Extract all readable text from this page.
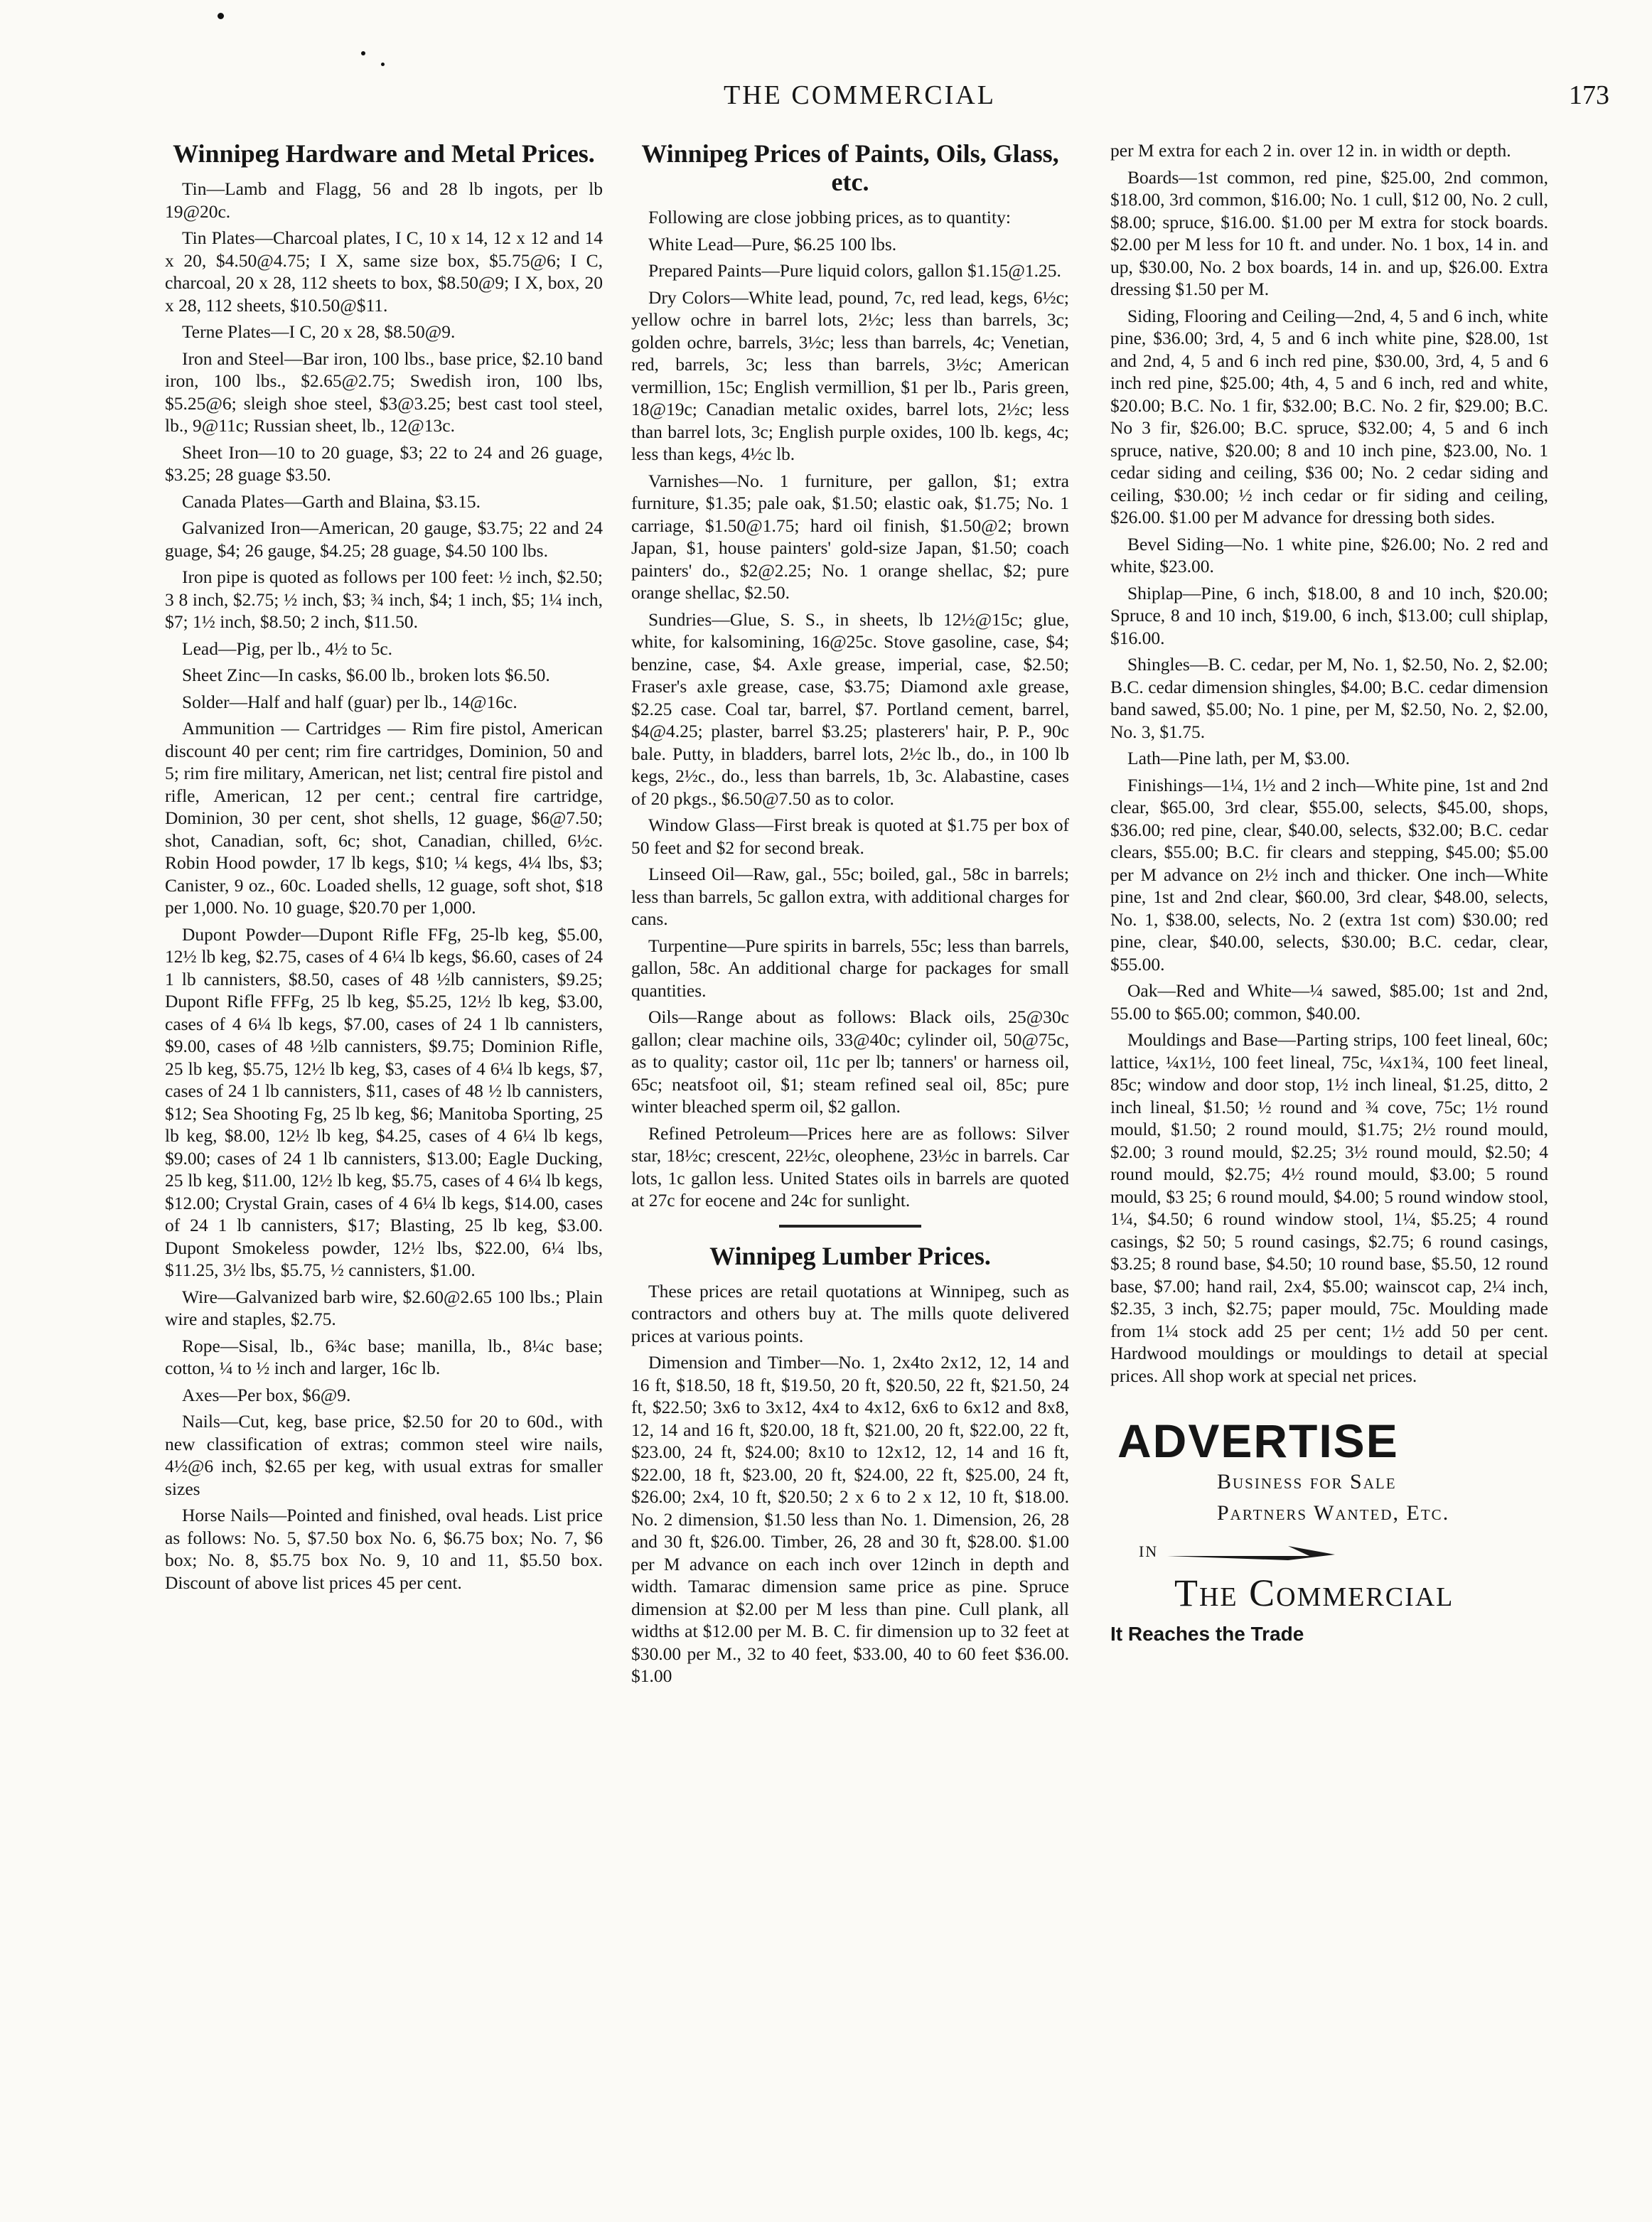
THE COMMERCIAL	173
Winnipeg Hardware and Metal Prices.
Tin—Lamb and Flagg, 56 and 28 lb ingots, per lb 19@20c.
Tin Plates—Charcoal plates, I C, 10 x 14, 12 x 12 and 14 x 20, $4.50@4.75; I X, same size box, $5.75@6; I C, charcoal, 20 x 28, 112 sheets to box, $8.50@9; I X, box, 20 x 28, 112 sheets, $10.50@$11.
Terne Plates—I C, 20 x 28, $8.50@9.
Iron and Steel—Bar iron, 100 lbs., base price, $2.10 band iron, 100 lbs., $2.65@2.75; Swedish iron, 100 lbs, $5.25@6; sleigh shoe steel, $3@3.25; best cast tool steel, lb., 9@11c; Russian sheet, lb., 12@13c.
Sheet Iron—10 to 20 guage, $3; 22 to 24 and 26 guage, $3.25; 28 guage $3.50.
Canada Plates—Garth and Blaina, $3.15.
Galvanized Iron—American, 20 gauge, $3.75; 22 and 24 guage, $4; 26 gauge, $4.25; 28 guage, $4.50 100 lbs.
Iron pipe is quoted as follows per 100 feet: ½ inch, $2.50; 3 8 inch, $2.75; ½ inch, $3; ¾ inch, $4; 1 inch, $5; 1¼ inch, $7; 1½ inch, $8.50; 2 inch, $11.50.
Lead—Pig, per lb., 4½ to 5c.
Sheet Zinc—In casks, $6.00 lb., broken lots $6.50.
Solder—Half and half (guar) per lb., 14@16c.
Ammunition — Cartridges — Rim fire pistol, American discount 40 per cent; rim fire cartridges, Dominion, 50 and 5; rim fire military, American, net list; central fire pistol and rifle, American, 12 per cent.; central fire cartridge, Dominion, 30 per cent, shot shells, 12 guage, $6@7.50; shot, Canadian, soft, 6c; shot, Canadian, chilled, 6½c. Robin Hood powder, 17 lb kegs, $10; ¼ kegs, 4¼ lbs, $3; Canister, 9 oz., 60c. Loaded shells, 12 guage, soft shot, $18 per 1,000. No. 10 guage, $20.70 per 1,000.
Dupont Powder—Dupont Rifle FFg, 25-lb keg, $5.00, 12½ lb keg, $2.75, cases of 4 6¼ lb kegs, $6.60, cases of 24 1 lb cannisters, $8.50, cases of 48 ½lb cannisters, $9.25; Dupont Rifle FFFg, 25 lb keg, $5.25, 12½ lb keg, $3.00, cases of 4 6¼ lb kegs, $7.00, cases of 24 1 lb cannisters, $9.00, cases of 48 ½lb cannisters, $9.75; Dominion Rifle, 25 lb keg, $5.75, 12½ lb keg, $3, cases of 4 6¼ lb kegs, $7, cases of 24 1 lb cannisters, $11, cases of 48 ½ lb cannisters, $12; Sea Shooting Fg, 25 lb keg, $6; Manitoba Sporting, 25 lb keg, $8.00, 12½ lb keg, $4.25, cases of 4 6¼ lb kegs, $9.00; cases of 24 1 lb cannisters, $13.00; Eagle Ducking, 25 lb keg, $11.00, 12½ lb keg, $5.75, cases of 4 6¼ lb kegs, $12.00; Crystal Grain, cases of 4 6¼ lb kegs, $14.00, cases of 24 1 lb cannisters, $17; Blasting, 25 lb keg, $3.00. Dupont Smokeless powder, 12½ lbs, $22.00, 6¼ lbs, $11.25, 3½ lbs, $5.75, ½ cannisters, $1.00.
Wire—Galvanized barb wire, $2.60@2.65 100 lbs.; Plain wire and staples, $2.75.
Rope—Sisal, lb., 6¾c base; manilla, lb., 8¼c base; cotton, ¼ to ½ inch and larger, 16c lb.
Axes—Per box, $6@9.
Nails—Cut, keg, base price, $2.50 for 20 to 60d., with new classification of extras; common steel wire nails, 4½@6 inch, $2.65 per keg, with usual extras for smaller sizes
Horse Nails—Pointed and finished, oval heads. List price as follows: No. 5, $7.50 box No. 6, $6.75 box; No. 7, $6 box; No. 8, $5.75 box No. 9, 10 and 11, $5.50 box. Discount of above list prices 45 per cent.
Winnipeg Prices of Paints, Oils, Glass, etc.
Following are close jobbing prices, as to quantity:
White Lead—Pure, $6.25 100 lbs.
Prepared Paints—Pure liquid colors, gallon $1.15@1.25.
Dry Colors—White lead, pound, 7c, red lead, kegs, 6½c; yellow ochre in barrel lots, 2½c; less than barrels, 3c; golden ochre, barrels, 3½c; less than barrels, 4c; Venetian, red, barrels, 3c; less than barrels, 3½c; American vermillion, 15c; English vermillion, $1 per lb., Paris green, 18@19c; Canadian metalic oxides, barrel lots, 2½c; less than barrel lots, 3c; English purple oxides, 100 lb. kegs, 4c; less than kegs, 4½c lb.
Varnishes—No. 1 furniture, per gallon, $1; extra furniture, $1.35; pale oak, $1.50; elastic oak, $1.75; No. 1 carriage, $1.50@1.75; hard oil finish, $1.50@2; brown Japan, $1, house painters' gold-size Japan, $1.50; coach painters' do., $2@2.25; No. 1 orange shellac, $2; pure orange shellac, $2.50.
Sundries—Glue, S. S., in sheets, lb 12½@15c; glue, white, for kalsomining, 16@25c. Stove gasoline, case, $4; benzine, case, $4. Axle grease, imperial, case, $2.50; Fraser's axle grease, case, $3.75; Diamond axle grease, $2.25 case. Coal tar, barrel, $7. Portland cement, barrel, $4@4.25; plaster, barrel $3.25; plasterers' hair, P. P., 90c bale. Putty, in bladders, barrel lots, 2½c lb., do., in 100 lb kegs, 2½c., do., less than barrels, 1b, 3c. Alabastine, cases of 20 pkgs., $6.50@7.50 as to color.
Window Glass—First break is quoted at $1.75 per box of 50 feet and $2 for second break.
Linseed Oil—Raw, gal., 55c; boiled, gal., 58c in barrels; less than barrels, 5c gallon extra, with additional charges for cans.
Turpentine—Pure spirits in barrels, 55c; less than barrels, gallon, 58c. An additional charge for packages for small quantities.
Oils—Range about as follows: Black oils, 25@30c gallon; clear machine oils, 33@40c; cylinder oil, 50@75c, as to quality; castor oil, 11c per lb; tanners' or harness oil, 65c; neatsfoot oil, $1; steam refined seal oil, 85c; pure winter bleached sperm oil, $2 gallon.
Refined Petroleum—Prices here are as follows: Silver star, 18½c; crescent, 22½c, oleophene, 23½c in barrels. Car lots, 1c gallon less. United States oils in barrels are quoted at 27c for eocene and 24c for sunlight.
Winnipeg Lumber Prices.
These prices are retail quotations at Winnipeg, such as contractors and others buy at. The mills quote delivered prices at various points.
Dimension and Timber—No. 1, 2x4to 2x12, 12, 14 and 16 ft, $18.50, 18 ft, $19.50, 20 ft, $20.50, 22 ft, $21.50, 24 ft, $22.50; 3x6 to 3x12, 4x4 to 4x12, 6x6 to 6x12 and 8x8, 12, 14 and 16 ft, $20.00, 18 ft, $21.00, 20 ft, $22.00, 22 ft, $23.00, 24 ft, $24.00; 8x10 to 12x12, 12, 14 and 16 ft, $22.00, 18 ft, $23.00, 20 ft, $24.00, 22 ft, $25.00, 24 ft, $26.00; 2x4, 10 ft, $20.50; 2 x 6 to 2 x 12, 10 ft, $18.00. No. 2 dimension, $1.50 less than No. 1. Dimension, 26, 28 and 30 ft, $26.00. Timber, 26, 28 and 30 ft, $28.00. $1.00 per M advance on each inch over 12inch in depth and width. Tamarac dimension same price as pine. Spruce dimension at $2.00 per M less than pine. Cull plank, all widths at $12.00 per M. B. C. fir dimension up to 32 feet at $30.00 per M., 32 to 40 feet, $33.00, 40 to 60 feet $36.00. $1.00
per M extra for each 2 in. over 12 in. in width or depth.
Boards—1st common, red pine, $25.00, 2nd common, $18.00, 3rd common, $16.00; No. 1 cull, $12 00, No. 2 cull, $8.00; spruce, $16.00. $1.00 per M extra for stock boards. $2.00 per M less for 10 ft. and under. No. 1 box, 14 in. and up, $30.00, No. 2 box boards, 14 in. and up, $26.00. Extra dressing $1.50 per M.
Siding, Flooring and Ceiling—2nd, 4, 5 and 6 inch, white pine, $36.00; 3rd, 4, 5 and 6 inch white pine, $28.00, 1st and 2nd, 4, 5 and 6 inch red pine, $30.00, 3rd, 4, 5 and 6 inch red pine, $25.00; 4th, 4, 5 and 6 inch, red and white, $20.00; B.C. No. 1 fir, $32.00; B.C. No. 2 fir, $29.00; B.C. No 3 fir, $26.00; B.C. spruce, $32.00; 4, 5 and 6 inch spruce, native, $20.00; 8 and 10 inch pine, $23.00, No. 1 cedar siding and ceiling, $36 00; No. 2 cedar siding and ceiling, $30.00; ½ inch cedar or fir siding and ceiling, $26.00. $1.00 per M advance for dressing both sides.
Bevel Siding—No. 1 white pine, $26.00; No. 2 red and white, $23.00.
Shiplap—Pine, 6 inch, $18.00, 8 and 10 inch, $20.00; Spruce, 8 and 10 inch, $19.00, 6 inch, $13.00; cull shiplap, $16.00.
Shingles—B. C. cedar, per M, No. 1, $2.50, No. 2, $2.00; B.C. cedar dimension shingles, $4.00; B.C. cedar dimension band sawed, $5.00; No. 1 pine, per M, $2.50, No. 2, $2.00, No. 3, $1.75.
Lath—Pine lath, per M, $3.00.
Finishings—1¼, 1½ and 2 inch—White pine, 1st and 2nd clear, $65.00, 3rd clear, $55.00, selects, $45.00, shops, $36.00; red pine, clear, $40.00, selects, $32.00; B.C. cedar clears, $55.00; B.C. fir clears and stepping, $45.00; $5.00 per M advance on 2½ inch and thicker. One inch—White pine, 1st and 2nd clear, $60.00, 3rd clear, $48.00, selects, No. 1, $38.00, selects, No. 2 (extra 1st com) $30.00; red pine, clear, $40.00, selects, $30.00; B.C. cedar, clear, $55.00.
Oak—Red and White—¼ sawed, $85.00; 1st and 2nd, 55.00 to $65.00; common, $40.00.
Mouldings and Base—Parting strips, 100 feet lineal, 60c; lattice, ¼x1½, 100 feet lineal, 75c, ¼x1¾, 100 feet lineal, 85c; window and door stop, 1½ inch lineal, $1.25, ditto, 2 inch lineal, $1.50; ½ round and ¾ cove, 75c; 1½ round mould, $1.50; 2 round mould, $1.75; 2½ round mould, $2.00; 3 round mould, $2.25; 3½ round mould, $2.50; 4 round mould, $2.75; 4½ round mould, $3.00; 5 round mould, $3 25; 6 round mould, $4.00; 5 round window stool, 1¼, $4.50; 6 round window stool, 1¼, $5.25; 4 round casings, $2 50; 5 round casings, $2.75; 6 round casings, $3.25; 8 round base, $4.50; 10 round base, $5.50, 12 round base, $7.00; hand rail, 2x4, $5.00; wainscot cap, 2¼ inch, $2.35, 3 inch, $2.75; paper mould, 75c. Moulding made from 1¼ stock add 25 per cent; 1½ add 50 per cent. Hardwood mouldings or mouldings to detail at special prices. All shop work at special net prices.
ADVERTISE
Business for Sale
Partners Wanted, Etc.
IN
The Commercial
It Reaches the Trade
